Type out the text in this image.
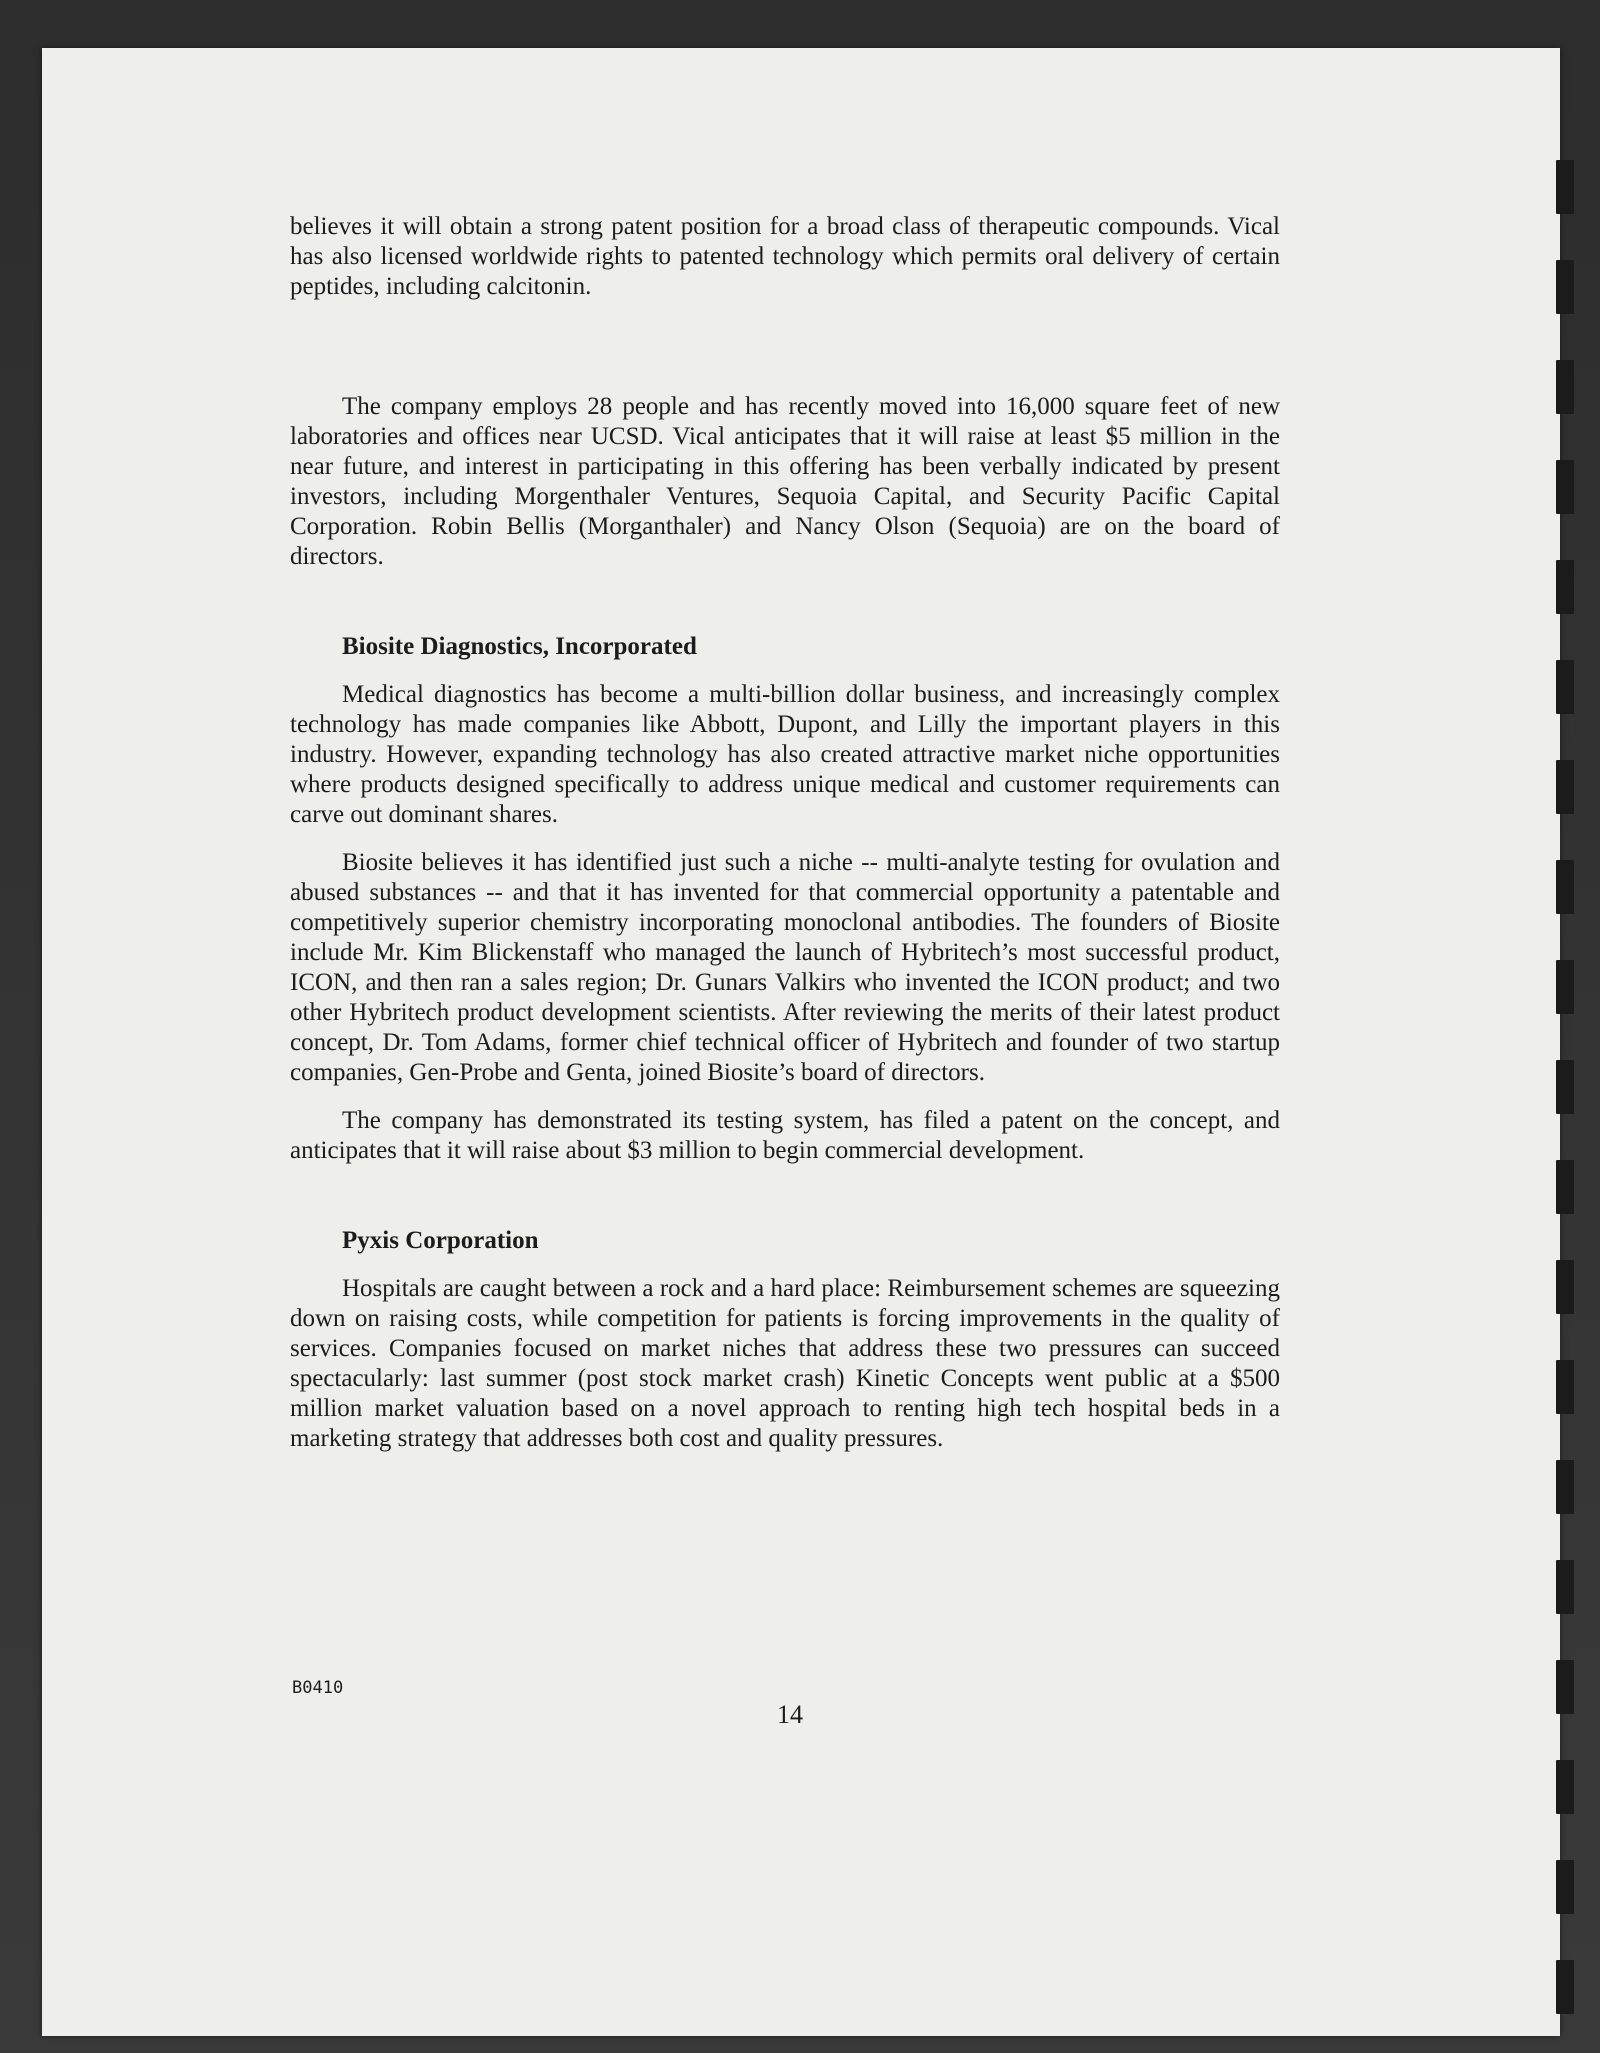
believes it will obtain a strong patent position for a broad class of therapeutic compounds. Vical has also licensed worldwide rights to patented technology which permits oral delivery of certain peptides, including calcitonin.

The company employs 28 people and has recently moved into 16,000 square feet of new laboratories and offices near UCSD. Vical anticipates that it will raise at least $5 million in the near future, and interest in participating in this offering has been verbally indicated by present investors, including Morgenthaler Ventures, Sequoia Capital, and Security Pacific Capital Corporation. Robin Bellis (Morganthaler) and Nancy Olson (Sequoia) are on the board of directors.

Biosite Diagnostics, Incorporated

Medical diagnostics has become a multi-billion dollar business, and increasingly complex technology has made companies like Abbott, Dupont, and Lilly the important players in this industry. However, expanding technology has also created attractive market niche opportunities where products designed specifically to address unique medical and customer requirements can carve out dominant shares.

Biosite believes it has identified just such a niche -- multi-analyte testing for ovulation and abused substances -- and that it has invented for that commercial opportunity a patentable and competitively superior chemistry incorporating monoclonal antibodies. The founders of Biosite include Mr. Kim Blickenstaff who managed the launch of Hybritech’s most successful product, ICON, and then ran a sales region; Dr. Gunars Valkirs who invented the ICON product; and two other Hybritech product development scientists. After reviewing the merits of their latest product concept, Dr. Tom Adams, former chief technical officer of Hybritech and founder of two startup companies, Gen-Probe and Genta, joined Biosite’s board of directors.

The company has demonstrated its testing system, has filed a patent on the concept, and anticipates that it will raise about $3 million to begin commercial development.

Pyxis Corporation

Hospitals are caught between a rock and a hard place: Reimbursement schemes are squeezing down on raising costs, while competition for patients is forcing improvements in the quality of services. Companies focused on market niches that address these two pressures can succeed spectacularly: last summer (post stock market crash) Kinetic Concepts went public at a $500 million market valuation based on a novel approach to renting high tech hospital beds in a marketing strategy that addresses both cost and quality pressures.

B0410
14
